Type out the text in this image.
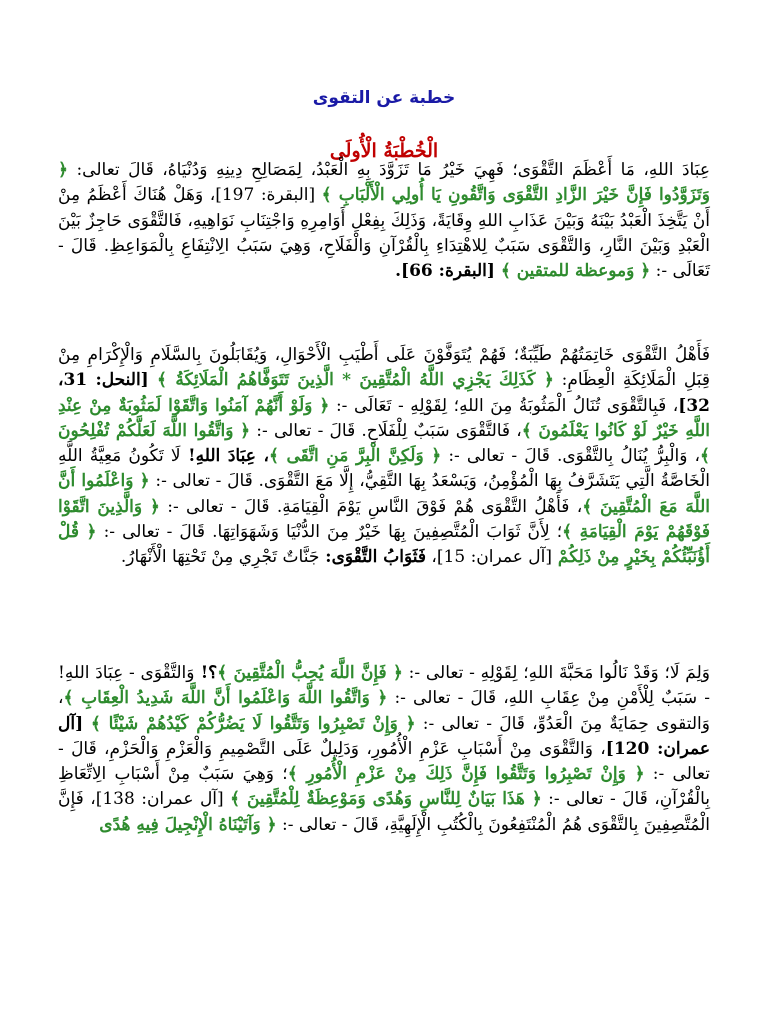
خطبة عن التقوى
الْخُطْبَةُ الْأُولَى

عِبَادَ اللهِ، مَا أَعْظَمَ التَّقْوَى؛ فَهِيَ خَيْرُ مَا تَزَوَّدَ بِهِ الْعَبْدُ، لِمَصَالِحِ دِينِهِ وَدُنْيَاهُ، قَالَ تعالى: ﴿ وَتَزَوَّدُوا فَإِنَّ خَيْرَ الزَّادِ التَّقْوَى وَاتَّقُونِ يَا أُولِي الْأَلْبَابِ ﴾ [البقرة: 197]، وَهَلْ هُنَاكَ أَعْظَمُ مِنْ أَنْ يَتَّخِذَ الْعَبْدُ بَيْنَهُ وَبَيْنَ عَذَابِ اللهِ وِقَايَةً، وَذَلِكَ بِفِعْلِ أَوَامِرِهِ وَاجْتِنَابِ نَوَاهِيهِ، فَالتَّقْوَى حَاجِزٌ بَيْنَ الْعَبْدِ وَبَيْنَ النَّارِ، وَالتَّقْوَى سَبَبٌ لِلاهْتِدَاءِ بِالْقُرْآنِ وَالْفَلَاحِ، وَهِيَ سَبَبُ الِانْتِفَاعِ بِالْمَوَاعِظِ. قَالَ - تَعَالَى -: ﴿ وَموعظة للمتقين ﴾ [البقرة: 66].

فَأَهْلُ التَّقْوَى خَاتِمَتُهُمْ طَيِّبَةٌ؛ فَهُمْ يُتَوَفَّوْنَ عَلَى أَطْيَبِ الْأَحْوَالِ، وَيُقَابَلُونَ بِالسَّلَامِ وَالْإِكْرَامِ مِنْ قِبَلِ الْمَلَائِكَةِ الْعِظَامِ: ﴿ كَذَلِكَ يَجْزِي اللَّهُ الْمُتَّقِينَ * الَّذِينَ تَتَوَفَّاهُمُ الْمَلَائِكَةُ ﴾ [النحل: 31، 32]، فَبِالتَّقْوَى تُنَالُ الْمَثُوبَةُ مِنَ اللهِ؛ لِقَوْلِهِ - تَعَالَى -: ﴿ وَلَوْ أَنَّهُمْ آمَنُوا وَاتَّقَوْا لَمَثُوبَةٌ مِنْ عِنْدِ اللَّهِ خَيْرٌ لَوْ كَانُوا يَعْلَمُونَ ﴾، فَالتَّقْوَى سَبَبٌ لِلْفَلَاحِ. قَالَ - تعالى -: ﴿ وَاتَّقُوا اللَّهَ لَعَلَّكُمْ تُفْلِحُونَ ﴾، وَالْبِرُّ يُنَالُ بِالتَّقْوَى. قَالَ - تعالى -: ﴿ وَلَكِنَّ الْبِرَّ مَنِ اتَّقَى ﴾، عِبَادَ اللهِ! لَا تَكُونُ مَعِيَّةُ اللَّهِ الْخَاصَّةُ الَّتِي يَتَشَرَّفُ بِهَا الْمُؤْمِنُ، وَيَسْعَدُ بِهَا التَّقِيُّ، إِلَّا مَعَ التَّقْوَى. قَالَ - تعالى -: ﴿ وَاعْلَمُوا أَنَّ اللَّهَ مَعَ الْمُتَّقِينَ ﴾، فَأَهْلُ التَّقْوَى هُمْ فَوْقَ النَّاسِ يَوْمَ الْقِيَامَةِ. قَالَ - تعالى -: ﴿ وَالَّذِينَ اتَّقَوْا فَوْقَهُمْ يَوْمَ الْقِيَامَةِ ﴾؛ لِأَنَّ ثَوَابَ الْمُتَّصِفِينَ بِهَا خَيْرٌ مِنَ الدُّنْيَا وَشَهَوَاتِهَا. قَالَ - تعالى -: ﴿ قُلْ أَؤُنَبِّئُكُمْ بِخَيْرٍ مِنْ ذَلِكُمْ [آل عمران: 15]، فَثَوَابُ التَّقْوَى: جَنَّاتٌ تَجْرِي مِنْ تَحْتِهَا الْأَنْهَارُ.

وَلِمَ لَا؛ وَقَدْ نَالُوا مَحَبَّةَ اللهِ؛ لِقَوْلِهِ - تعالى -: ﴿ فَإِنَّ اللَّهَ يُحِبُّ الْمُتَّقِينَ ﴾؟! وَالتَّقْوَى - عِبَادَ اللهِ! - سَبَبٌ لِلْأَمْنِ مِنْ عِقَابِ اللهِ، قَالَ - تعالى -: ﴿ وَاتَّقُوا اللَّهَ وَاعْلَمُوا أَنَّ اللَّهَ شَدِيدُ الْعِقَابِ ﴾، وَالتقوى حِمَايَةٌ مِنَ الْعَدُوِّ، قَالَ - تعالى -: ﴿ وَإِنْ تَصْبِرُوا وَتَتَّقُوا لَا يَضُرُّكُمْ كَيْدُهُمْ شَيْئًا ﴾ [آل عمران: 120]، وَالتَّقْوَى مِنْ أَسْبَابِ عَزْمِ الْأُمُورِ، وَدَلِيلٌ عَلَى التَّصْمِيمِ وَالْعَزْمِ وَالْحَزْمِ، قَالَ - تعالى -: ﴿ وَإِنْ تَصْبِرُوا وَتَتَّقُوا فَإِنَّ ذَلِكَ مِنْ عَزْمِ الْأُمُورِ ﴾؛ وَهِيَ سَبَبٌ مِنْ أَسْبَابِ الِاتِّعَاظِ بِالْقُرْآنِ، قَالَ - تعالى -: ﴿ هَذَا بَيَانٌ لِلنَّاسِ وَهُدًى وَمَوْعِظَةٌ لِلْمُتَّقِينَ ﴾ [آل عمران: 138]، فَإِنَّ الْمُتَّصِفِينَ بِالتَّقْوَى هُمُ الْمُنْتَفِعُونَ بِالْكُتُبِ الْإِلَهِيَّةِ، قَالَ - تعالى -: ﴿ وَآتَيْنَاهُ الْإِنْجِيلَ فِيهِ هُدًى
